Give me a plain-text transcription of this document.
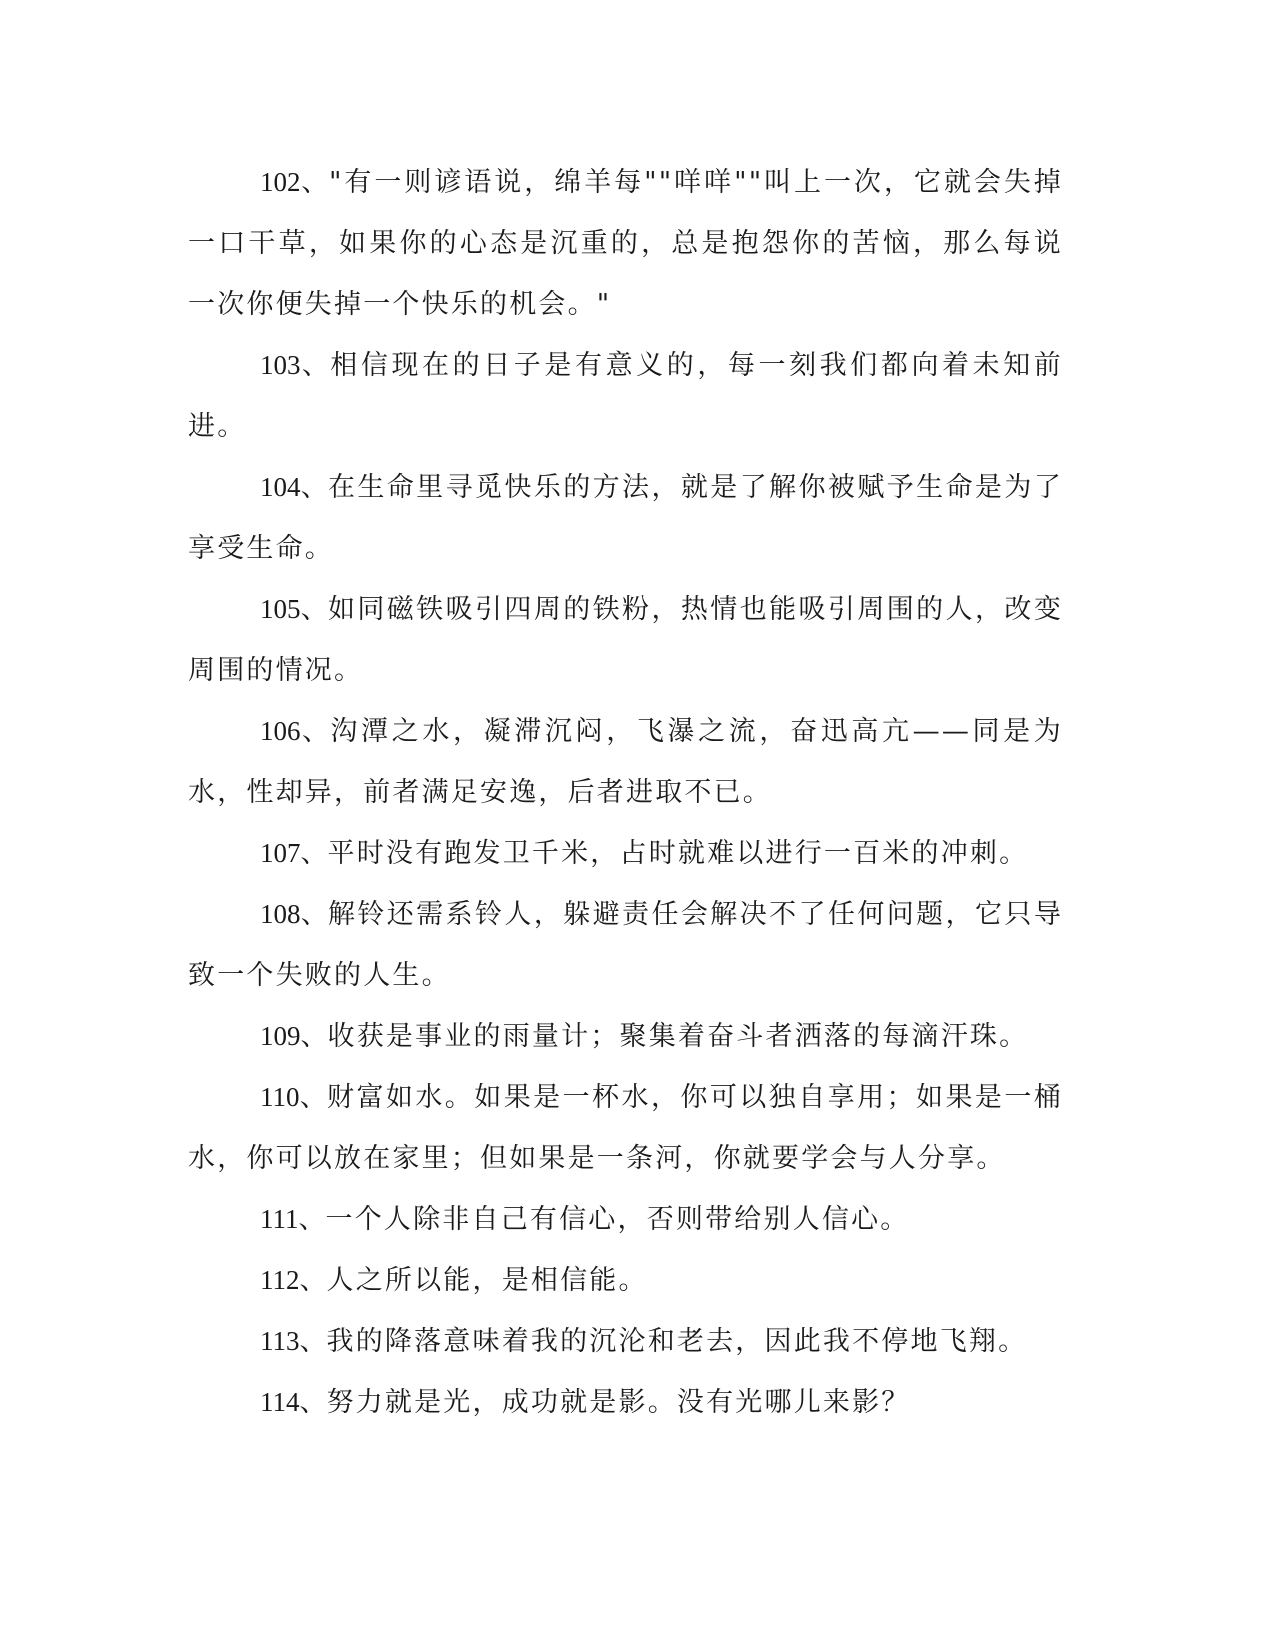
102、"有一则谚语说，绵羊每""咩咩""叫上一次，它就会失掉一口干草，如果你的心态是沉重的，总是抱怨你的苦恼，那么每说一次你便失掉一个快乐的机会。"

103、相信现在的日子是有意义的，每一刻我们都向着未知前进。

104、在生命里寻觅快乐的方法，就是了解你被赋予生命是为了享受生命。

105、如同磁铁吸引四周的铁粉，热情也能吸引周围的人，改变周围的情况。

106、沟潭之水，凝滞沉闷，飞瀑之流，奋迅高亢——同是为水，性却异，前者满足安逸，后者进取不已。

107、平时没有跑发卫千米，占时就难以进行一百米的冲刺。

108、解铃还需系铃人，躲避责任会解决不了任何问题，它只导致一个失败的人生。

109、收获是事业的雨量计；聚集着奋斗者洒落的每滴汗珠。

110、财富如水。如果是一杯水，你可以独自享用；如果是一桶水，你可以放在家里；但如果是一条河，你就要学会与人分享。

111、一个人除非自己有信心，否则带给别人信心。

112、人之所以能，是相信能。

113、我的降落意味着我的沉沦和老去，因此我不停地飞翔。

114、努力就是光，成功就是影。没有光哪儿来影？
